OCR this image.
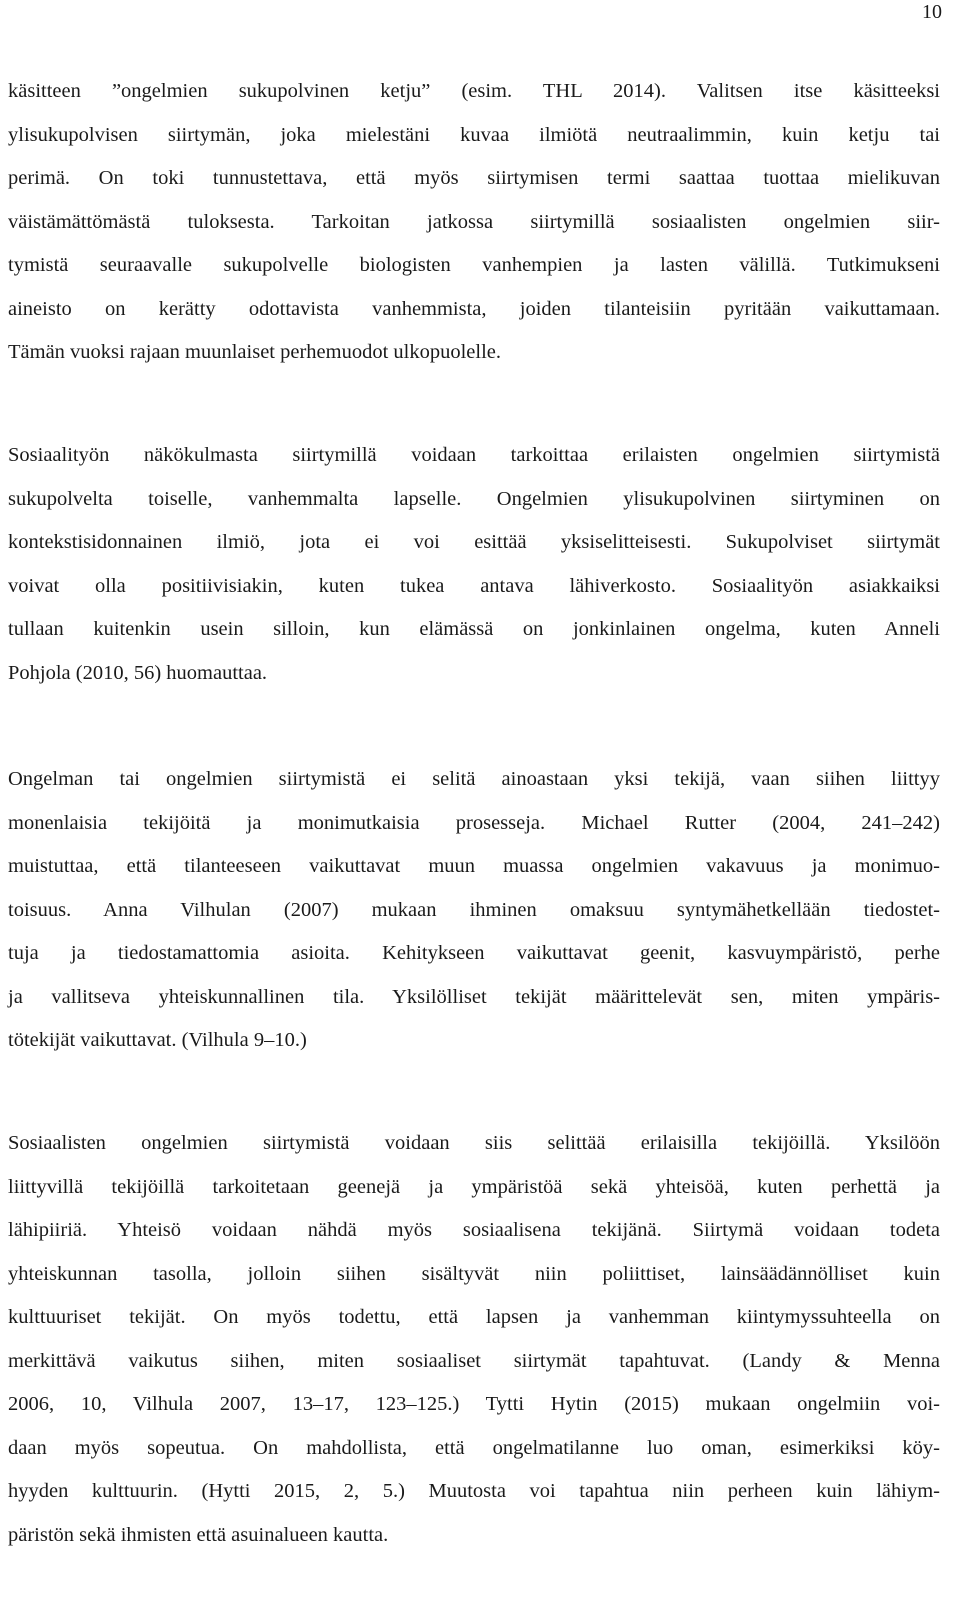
10

käsitteen ”ongelmien sukupolvinen ketju” (esim. THL 2014). Valitsen itse käsitteeksi
ylisukupolvisen siirtymän, joka mielestäni kuvaa ilmiötä neutraalimmin, kuin ketju tai
perimä. On toki tunnustettava, että myös siirtymisen termi saattaa tuottaa mielikuvan
väistämättömästä tuloksesta. Tarkoitan jatkossa siirtymillä sosiaalisten ongelmien siir-
tymistä seuraavalle sukupolvelle biologisten vanhempien ja lasten välillä. Tutkimukseni
aineisto on kerätty odottavista vanhemmista, joiden tilanteisiin pyritään vaikuttamaan.
Tämän vuoksi rajaan muunlaiset perhemuodot ulkopuolelle.

Sosiaalityön näkökulmasta siirtymillä voidaan tarkoittaa erilaisten ongelmien siirtymistä
sukupolvelta toiselle, vanhemmalta lapselle. Ongelmien ylisukupolvinen siirtyminen on
kontekstisidonnainen ilmiö, jota ei voi esittää yksiselitteisesti. Sukupolviset siirtymät
voivat olla positiivisiakin, kuten tukea antava lähiverkosto. Sosiaalityön asiakkaiksi
tullaan kuitenkin usein silloin, kun elämässä on jonkinlainen ongelma, kuten Anneli
Pohjola (2010, 56) huomauttaa.

Ongelman tai ongelmien siirtymistä ei selitä ainoastaan yksi tekijä, vaan siihen liittyy
monenlaisia tekijöitä ja monimutkaisia prosesseja. Michael Rutter (2004, 241–242)
muistuttaa, että tilanteeseen vaikuttavat muun muassa ongelmien vakavuus ja monimuo-
toisuus. Anna Vilhulan (2007) mukaan ihminen omaksuu syntymähetkellään tiedostet-
tuja ja tiedostamattomia asioita. Kehitykseen vaikuttavat geenit, kasvuympäristö, perhe
ja vallitseva yhteiskunnallinen tila. Yksilölliset tekijät määrittelevät sen, miten ympäris-
tötekijät vaikuttavat. (Vilhula 9–10.)

Sosiaalisten ongelmien siirtymistä voidaan siis selittää erilaisilla tekijöillä. Yksilöön
liittyvillä tekijöillä tarkoitetaan geenejä ja ympäristöä sekä yhteisöä, kuten perhettä ja
lähipiiriä. Yhteisö voidaan nähdä myös sosiaalisena tekijänä. Siirtymä voidaan todeta
yhteiskunnan tasolla, jolloin siihen sisältyvät niin poliittiset, lainsäädännölliset kuin
kulttuuriset tekijät. On myös todettu, että lapsen ja vanhemman kiintymyssuhteella on
merkittävä vaikutus siihen, miten sosiaaliset siirtymät tapahtuvat. (Landy & Menna
2006, 10, Vilhula 2007, 13–17, 123–125.) Tytti Hytin (2015) mukaan ongelmiin voi-
daan myös sopeutua. On mahdollista, että ongelmatilanne luo oman, esimerkiksi köy-
hyyden kulttuurin. (Hytti 2015, 2, 5.) Muutosta voi tapahtua niin perheen kuin lähiym-
päristön sekä ihmisten että asuinalueen kautta.
